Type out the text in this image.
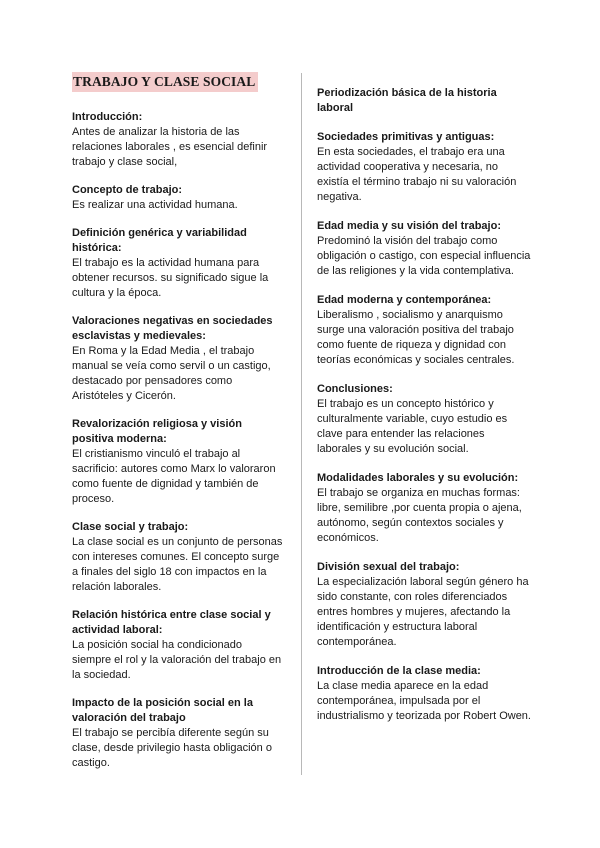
TRABAJO Y CLASE SOCIAL

Introducción:

Antes de analizar la historia de las relaciones laborales , es esencial definir trabajo y clase social,

Concepto de trabajo:

Es realizar una actividad humana.

Definición genérica y variabilidad histórica:

El trabajo es la actividad humana para obtener recursos. su significado sigue la cultura y la época.

Valoraciones negativas en sociedades esclavistas y medievales:

En Roma y la Edad Media , el trabajo manual se veía como servil o un castigo, destacado por pensadores como Aristóteles y Cicerón.

Revalorización religiosa y visión positiva moderna:

El cristianismo vinculó el trabajo al sacrificio: autores como Marx lo valoraron como fuente de dignidad y también de proceso.

Clase social y trabajo:

La clase social es un conjunto de personas con intereses comunes. El concepto surge a finales del siglo 18 con impactos en la relación laborales.

Relación histórica entre clase social y actividad laboral:

La posición social ha condicionado siempre el rol y la valoración del trabajo en la sociedad.

Impacto de la posición social en la valoración del trabajo

El trabajo se percibía diferente según su clase, desde privilegio hasta obligación o castigo.

Periodización básica de la historia laboral

Sociedades primitivas y antiguas:

En esta sociedades, el trabajo era una actividad cooperativa y necesaria, no existía el término trabajo ni su valoración negativa.

Edad media y su visión del trabajo:

Predominó la visión del trabajo como obligación o castigo, con especial influencia de las religiones y la vida contemplativa.

Edad moderna y contemporánea:

Liberalismo , socialismo y anarquismo surge una valoración positiva del trabajo como fuente de riqueza y dignidad con teorías económicas y sociales centrales.

Conclusiones:

El trabajo es un concepto histórico y culturalmente variable, cuyo estudio es clave para entender las relaciones laborales y su evolución social.

Modalidades laborales y su evolución:

El trabajo se organiza en muchas formas: libre, semilibre ,por cuenta propia o ajena, autónomo, según contextos sociales y económicos.

División sexual del trabajo:

La especialización laboral según género ha sido constante, con roles diferenciados entres hombres y mujeres, afectando la identificación y estructura laboral contemporánea.

Introducción de la clase media:

La clase media aparece en la edad contemporánea, impulsada por el industrialismo y teorizada por Robert Owen.
